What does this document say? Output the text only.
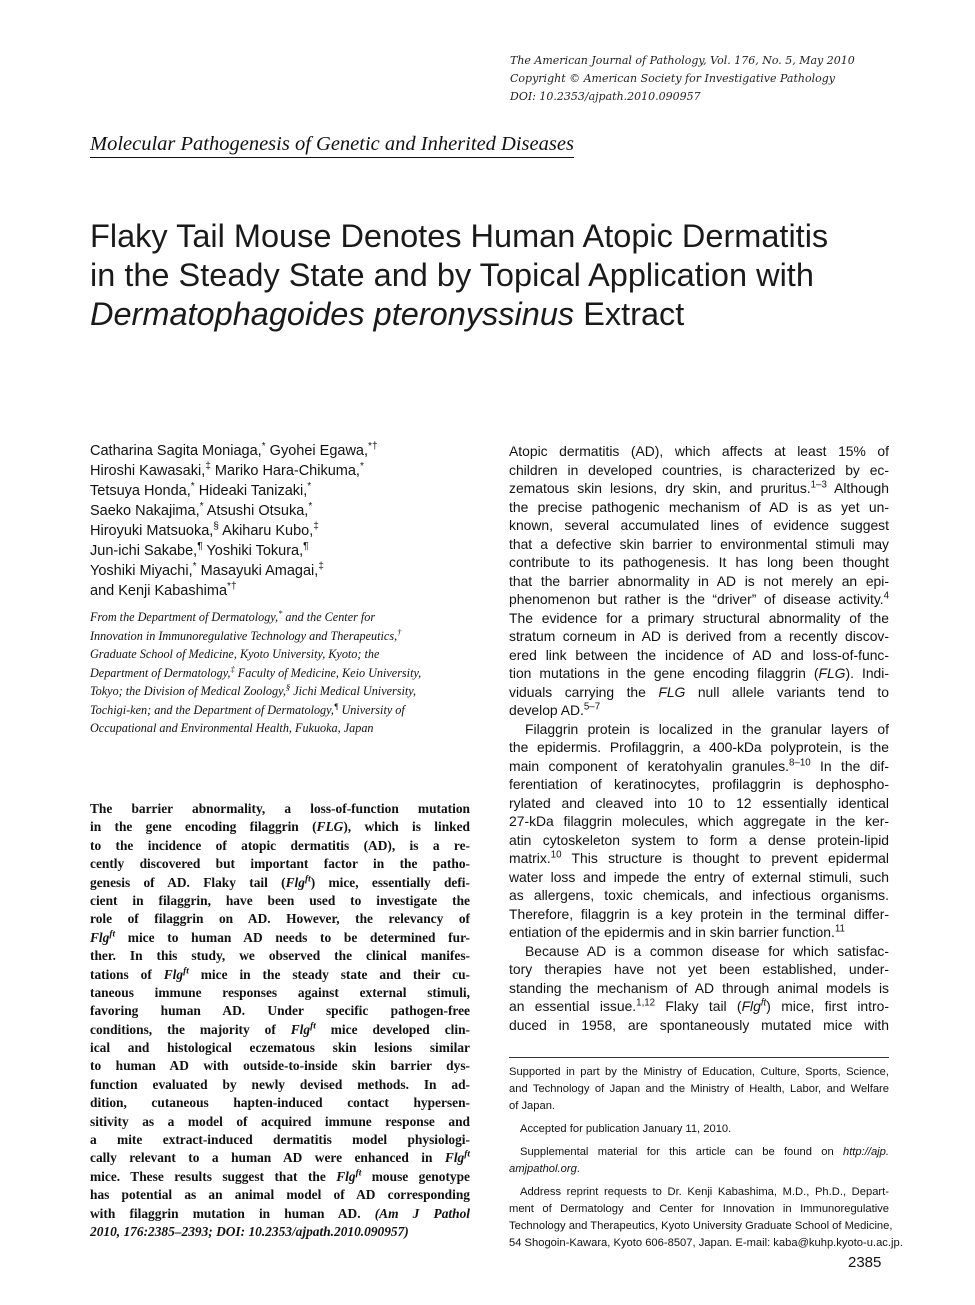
The American Journal of Pathology, Vol. 176, No. 5, May 2010
Copyright © American Society for Investigative Pathology
DOI: 10.2353/ajpath.2010.090957
Molecular Pathogenesis of Genetic and Inherited Diseases
Flaky Tail Mouse Denotes Human Atopic Dermatitis
in the Steady State and by Topical Application with
Dermatophagoides pteronyssinus Extract
Catharina Sagita Moniaga,* Gyohei Egawa,*†
Hiroshi Kawasaki,‡ Mariko Hara-Chikuma,*
Tetsuya Honda,* Hideaki Tanizaki,*
Saeko Nakajima,* Atsushi Otsuka,*
Hiroyuki Matsuoka,§ Akiharu Kubo,‡
Jun-ichi Sakabe,¶ Yoshiki Tokura,¶
Yoshiki Miyachi,* Masayuki Amagai,‡
and Kenji Kabashima*†
From the Department of Dermatology,* and the Center for
Innovation in Immunoregulative Technology and Therapeutics,†
Graduate School of Medicine, Kyoto University, Kyoto; the
Department of Dermatology,‡ Faculty of Medicine, Keio University,
Tokyo; the Division of Medical Zoology,§ Jichi Medical University,
Tochigi-ken; and the Department of Dermatology,¶ University of
Occupational and Environmental Health, Fukuoka, Japan
The barrier abnormality, a loss-of-function mutation
in the gene encoding filaggrin (FLG), which is linked
to the incidence of atopic dermatitis (AD), is a re-
cently discovered but important factor in the patho-
genesis of AD. Flaky tail (Flg$^{ft}$) mice, essentially defi-
cient in filaggrin, have been used to investigate the
role of filaggrin on AD. However, the relevancy of
Flg$^{ft}$ mice to human AD needs to be determined fur-
ther. In this study, we observed the clinical manifes-
tations of Flg$^{ft}$ mice in the steady state and their cu-
taneous immune responses against external stimuli,
favoring human AD. Under specific pathogen-free
conditions, the majority of Flg$^{ft}$ mice developed clin-
ical and histological eczematous skin lesions similar
to human AD with outside-to-inside skin barrier dys-
function evaluated by newly devised methods. In ad-
dition, cutaneous hapten-induced contact hypersen-
sitivity as a model of acquired immune response and
a mite extract-induced dermatitis model physiologi-
cally relevant to a human AD were enhanced in Flg$^{ft}$
mice. These results suggest that the Flg$^{ft}$ mouse genotype
has potential as an animal model of AD corresponding
with filaggrin mutation in human AD. (Am J Pathol
2010, 176:2385–2393; DOI: 10.2353/ajpath.2010.090957)
Atopic dermatitis (AD), which affects at least 15% of
children in developed countries, is characterized by ec-
zematous skin lesions, dry skin, and pruritus.$^{1-3}$ Although
the precise pathogenic mechanism of AD is as yet un-
known, several accumulated lines of evidence suggest
that a defective skin barrier to environmental stimuli may
contribute to its pathogenesis. It has long been thought
that the barrier abnormality in AD is not merely an epi-
phenomenon but rather is the “driver” of disease activity.$^4$
The evidence for a primary structural abnormality of the
stratum corneum in AD is derived from a recently discov-
ered link between the incidence of AD and loss-of-func-
tion mutations in the gene encoding filaggrin (FLG). Indi-
viduals carrying the FLG null allele variants tend to
develop AD.$^{5-7}$
Filaggrin protein is localized in the granular layers of
the epidermis. Profilaggrin, a 400-kDa polyprotein, is the
main component of keratohyalin granules.$^{8-10}$ In the dif-
ferentiation of keratinocytes, profilaggrin is dephospho-
rylated and cleaved into 10 to 12 essentially identical
27-kDa filaggrin molecules, which aggregate in the ker-
atin cytoskeleton system to form a dense protein-lipid
matrix.$^{10}$ This structure is thought to prevent epidermal
water loss and impede the entry of external stimuli, such
as allergens, toxic chemicals, and infectious organisms.
Therefore, filaggrin is a key protein in the terminal differ-
entiation of the epidermis and in skin barrier function.$^{11}$
Because AD is a common disease for which satisfac-
tory therapies have not yet been established, under-
standing the mechanism of AD through animal models is
an essential issue.$^{1,12}$ Flaky tail (Flg$^{ft}$) mice, first intro-
duced in 1958, are spontaneously mutated mice with
Supported in part by the Ministry of Education, Culture, Sports, Science,
and Technology of Japan and the Ministry of Health, Labor, and Welfare
of Japan.
Accepted for publication January 11, 2010.
Supplemental material for this article can be found on http://ajp.
amjpathol.org.
Address reprint requests to Dr. Kenji Kabashima, M.D., Ph.D., Depart-
ment of Dermatology and Center for Innovation in Immunoregulative
Technology and Therapeutics, Kyoto University Graduate School of Medicine,
54 Shogoin-Kawara, Kyoto 606-8507, Japan. E-mail: kaba@kuhp.kyoto-u.ac.jp.
2385
